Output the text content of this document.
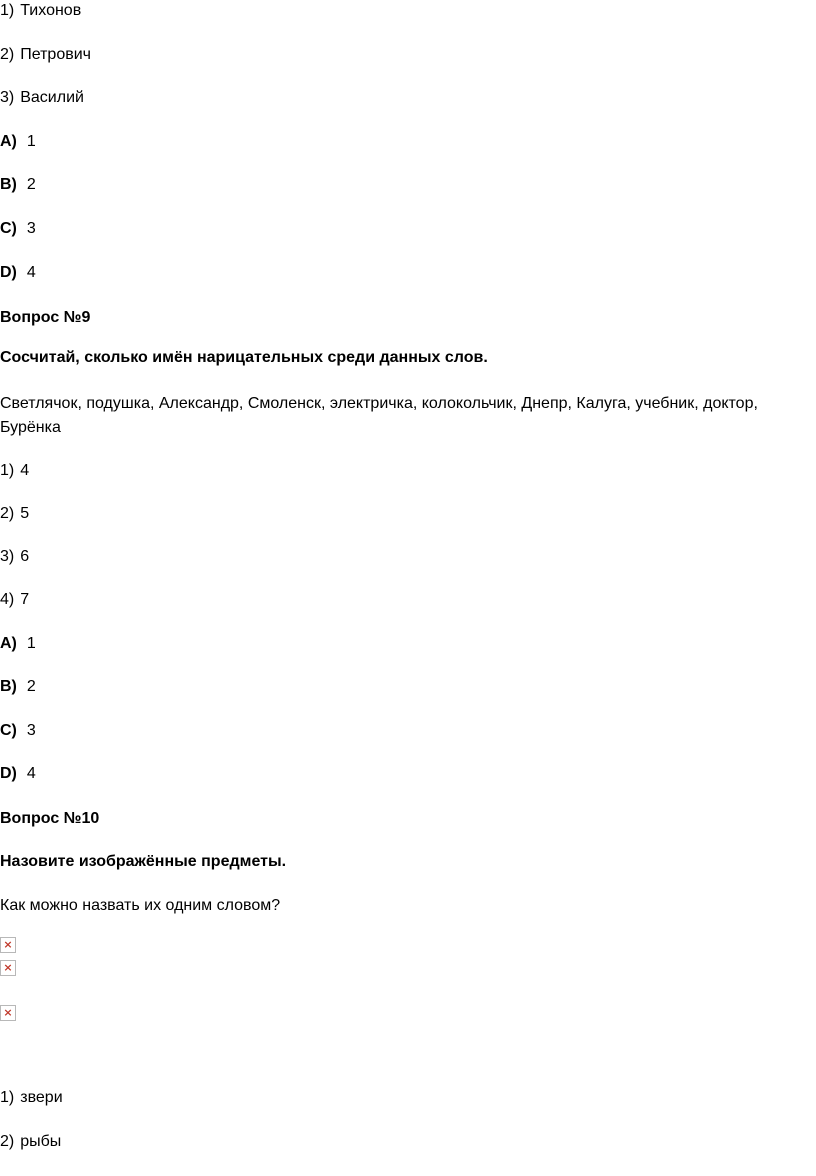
1) Тихонов
2) Петрович
3) Василий
A) 1
B) 2
C) 3
D) 4
Вопрос №9
Сосчитай, сколько имён нарицательных среди данных слов.
Светлячок, подушка, Александр, Смоленск, электричка, колокольчик, Днепр, Калуга, учебник, доктор, Бурёнка
1) 4
2) 5
3) 6
4) 7
A) 1
B) 2
C) 3
D) 4
Вопрос №10
Назовите изображённые предметы.
Как можно назвать их одним словом?
×
×
×
1) звери
2) рыбы
